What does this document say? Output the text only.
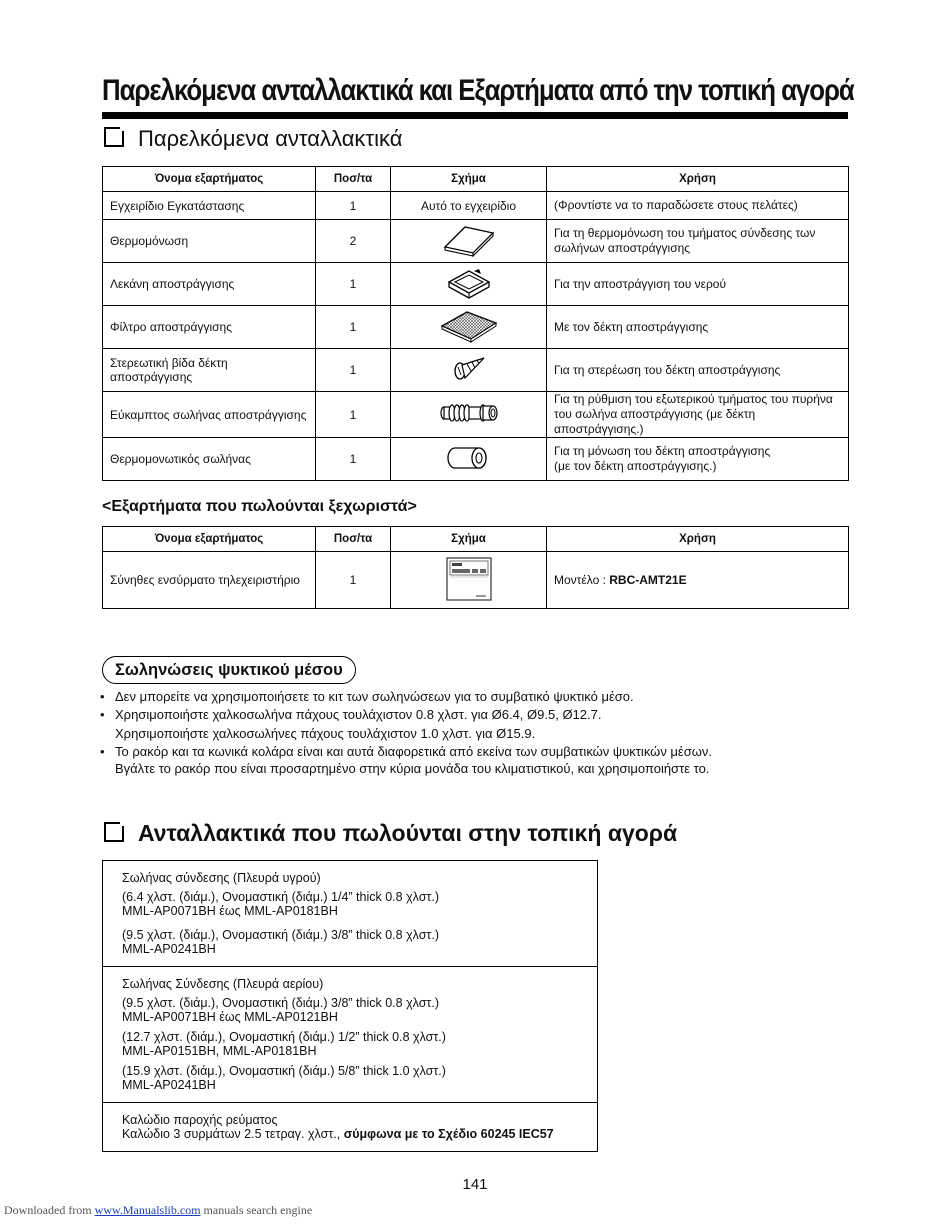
Παρελκόμενα ανταλλακτικά και Εξαρτήματα από την τοπική αγορά
Παρελκόμενα ανταλλακτικά
Όνομα εξαρτήματος	Ποσ/τα	Σχήμα	Χρήση
Εγχειρίδιο Εγκατάστασης	1	Αυτό το εγχειρίδιο	(Φροντίστε να το παραδώσετε στους πελάτες)
Θερμομόνωση	2		Για τη θερμομόνωση του τμήματος σύνδεσης των
σωλήνων αποστράγγισης
Λεκάνη αποστράγγισης	1		Για την αποστράγγιση του νερού
Φίλτρο αποστράγγισης	1		Με τον δέκτη αποστράγγισης
Στερεωτική βίδα δέκτη αποστράγγισης	1		Για τη στερέωση του δέκτη αποστράγγισης
Εύκαμπτος σωλήνας αποστράγγισης	1		Για τη ρύθμιση του εξωτερικού τμήματος του πυρήνα
του σωλήνα αποστράγγισης (με δέκτη αποστράγγισης.)
Θερμομονωτικός σωλήνας	1		Για τη μόνωση του δέκτη αποστράγγισης
(με τον δέκτη αποστράγγισης.)
<Εξαρτήματα που πωλούνται ξεχωριστά>
Όνομα εξαρτήματος	Ποσ/τα	Σχήμα	Χρήση
Σύνηθες ενσύρματο τηλεχειριστήριο	1		Μοντέλο : RBC-AMT21E
Σωληνώσεις ψυκτικού μέσου
• Δεν μπορείτε να χρησιμοποιήσετε το κιτ των σωληνώσεων για το συμβατικό ψυκτικό μέσο.
• Χρησιμοποιήστε χαλκοσωλήνα πάχους τουλάχιστον 0.8 χλστ. για Ø6.4, Ø9.5, Ø12.7.
Χρησιμοποιήστε χαλκοσωλήνες πάχους τουλάχιστον 1.0 χλστ. για Ø15.9.
• Το ρακόρ και τα κωνικά κολάρα είναι και αυτά διαφορετικά από εκείνα των συμβατικών ψυκτικών μέσων.
Βγάλτε το ρακόρ που είναι προσαρτημένο στην κύρια μονάδα του κλιματιστικού, και χρησιμοποιήστε το.
Ανταλλακτικά που πωλούνται στην τοπική αγορά
Σωλήνας σύνδεσης (Πλευρά υγρού)
(6.4 χλστ. (διάμ.), Ονομαστική (διάμ.) 1/4” thick 0.8 χλστ.)
MML-AP0071BH έως MML-AP0181BH
(9.5 χλστ. (διάμ.), Ονομαστική (διάμ.) 3/8” thick 0.8 χλστ.)
MML-AP0241BH
Σωλήνας Σύνδεσης (Πλευρά αερίου)
(9.5 χλστ. (διάμ.), Ονομαστική (διάμ.) 3/8” thick 0.8 χλστ.)
MML-AP0071BH έως MML-AP0121BH
(12.7 χλστ. (διάμ.), Ονομαστική (διάμ.) 1/2” thick 0.8 χλστ.)
MML-AP0151BH, MML-AP0181BH
(15.9 χλστ. (διάμ.), Ονομαστική (διάμ.) 5/8” thick 1.0 χλστ.)
MML-AP0241BH
Καλώδιο παροχής ρεύματος
Καλώδιο 3 συρμάτων 2.5 τετραγ. χλστ., σύμφωνα με το Σχέδιο 60245 IEC57
141
Downloaded from www.Manualslib.com manuals search engine
